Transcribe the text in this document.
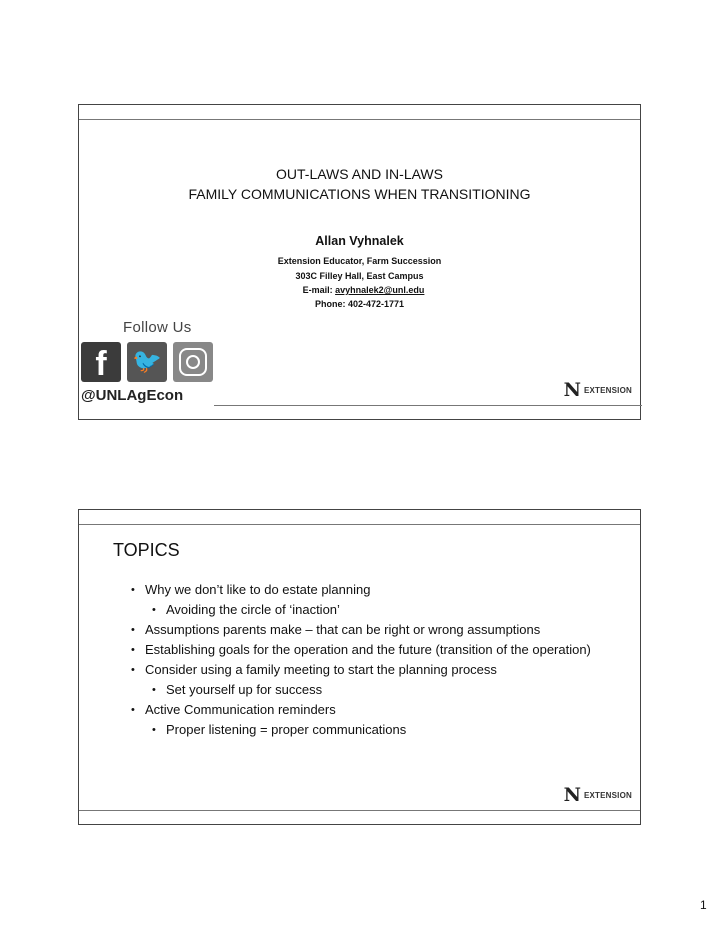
OUT-LAWS AND IN-LAWS
FAMILY COMMUNICATIONS WHEN TRANSITIONING
Allan Vyhnalek
Extension Educator, Farm Succession
303C Filley Hall, East Campus
E-mail: avyhnalek2@unl.edu
Phone: 402-472-1771
Follow Us
f	🐦
@UNLAgEcon	N EXTENSION
TOPICS
• Why we don’t like to do estate planning
• Avoiding the circle of ‘inaction’
• Assumptions parents make – that can be right or wrong assumptions
• Establishing goals for the operation and the future (transition of the operation)
• Consider using a family meeting to start the planning process
• Set yourself up for success
• Active Communication reminders
• Proper listening = proper communications
N EXTENSION
1
